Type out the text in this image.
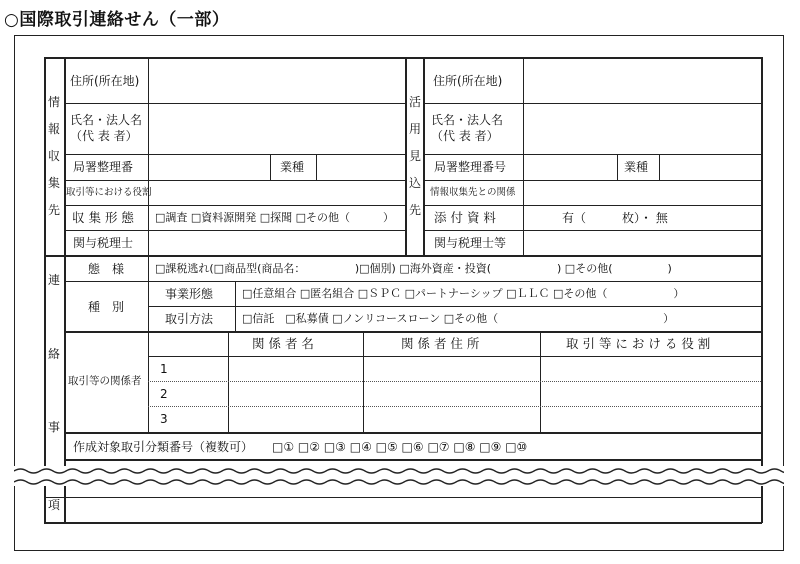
○国際取引連絡せん（一部）
情
報
収
集
先
活
用
見
込
先
住所(所在地)
氏名・法人名
（代 表 者）
局署整理番	業種
取引等における役割
収 集 形 態 □調査 □資料源開発 □探聞 □その他（　　　）
関与税理士
住所(所在地)
氏名・法人名
（代 表 者）
局署整理番号	業種
情報収集先との関係
添 付 資 料	有（　　　枚）・ 無
関与税理士等
連
絡
事
項
態　様	□課税逃れ(□商品型(商品名：　　　　　)□個別) □海外資産・投資(　　　　　　) □その他(　　　　　)
種　別
事業形態	□任意組合 □匿名組合 □ＳＰＣ □パートナーシップ □ＬＬＣ □その他（　　　　　　）
取引方法	□信託　□私募債 □ノンリコースローン □その他（　　　　　　　　　　　　　　　）
取引等の関係者
関 係 者 名	関 係 者 住 所	取 引 等 に お け る 役 割
1
2
3
作成対象取引分類番号（複数可） □① □② □③ □④ □⑤ □⑥ □⑦ □⑧ □⑨ □⑩
